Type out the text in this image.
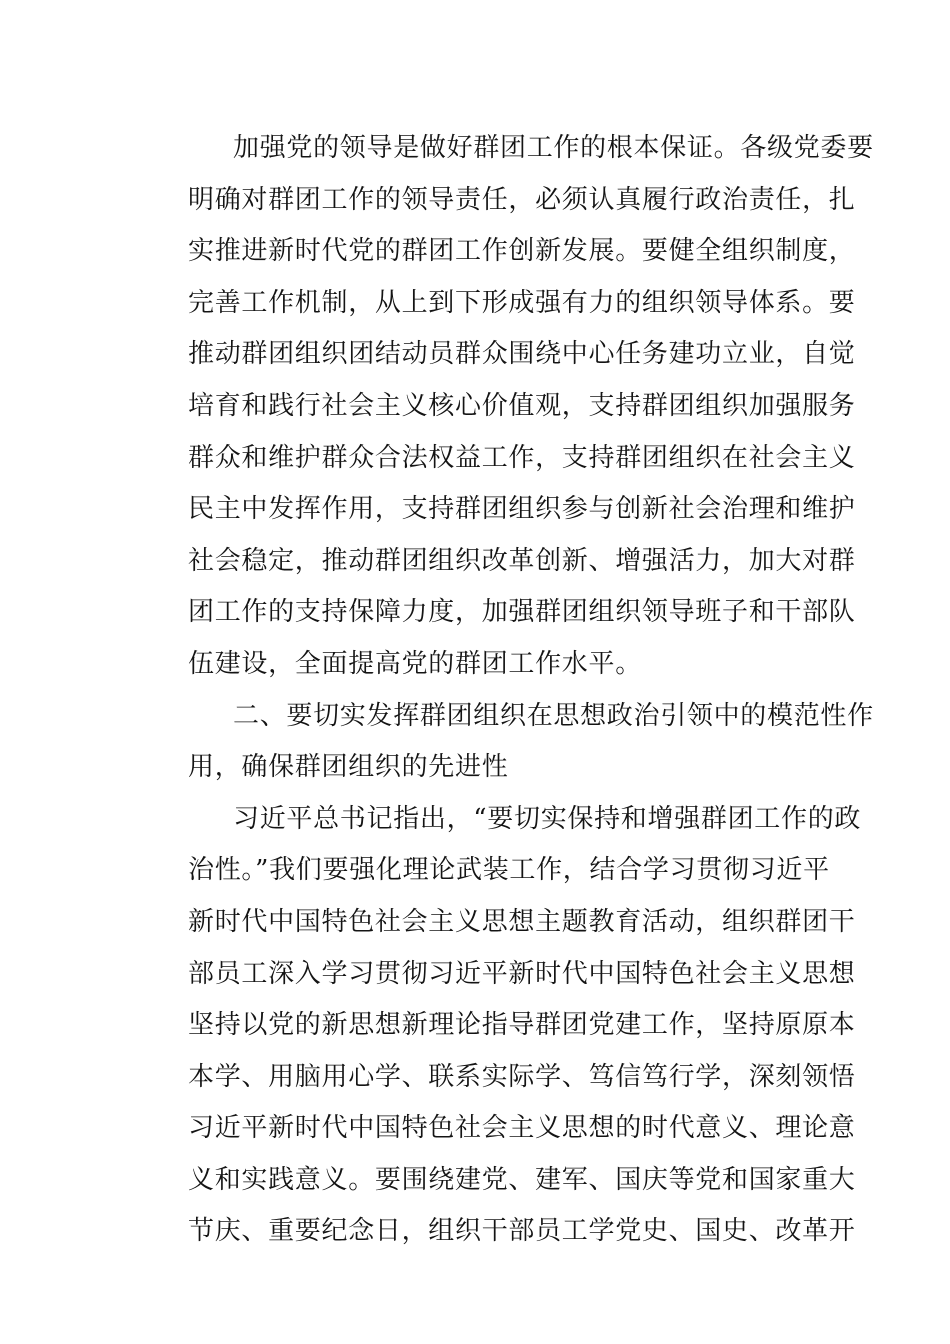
加强党的领导是做好群团工作的根本保证。各级党委要
明确对群团工作的领导责任，必须认真履行政治责任，扎
实推进新时代党的群团工作创新发展。要健全组织制度，
完善工作机制，从上到下形成强有力的组织领导体系。要
推动群团组织团结动员群众围绕中心任务建功立业，自觉
培育和践行社会主义核心价值观，支持群团组织加强服务
群众和维护群众合法权益工作，支持群团组织在社会主义
民主中发挥作用，支持群团组织参与创新社会治理和维护
社会稳定，推动群团组织改革创新、增强活力，加大对群
团工作的支持保障力度，加强群团组织领导班子和干部队
伍建设，全面提高党的群团工作水平。
二、要切实发挥群团组织在思想政治引领中的模范性作
用，确保群团组织的先进性
习近平总书记指出，“要切实保持和增强群团工作的政
治性。”我们要强化理论武装工作，结合学习贯彻习近平
新时代中国特色社会主义思想主题教育活动，组织群团干
部员工深入学习贯彻习近平新时代中国特色社会主义思想
坚持以党的新思想新理论指导群团党建工作，坚持原原本
本学、用脑用心学、联系实际学、笃信笃行学，深刻领悟
习近平新时代中国特色社会主义思想的时代意义、理论意
义和实践意义。要围绕建党、建军、国庆等党和国家重大
节庆、重要纪念日，组织干部员工学党史、国史、改革开
